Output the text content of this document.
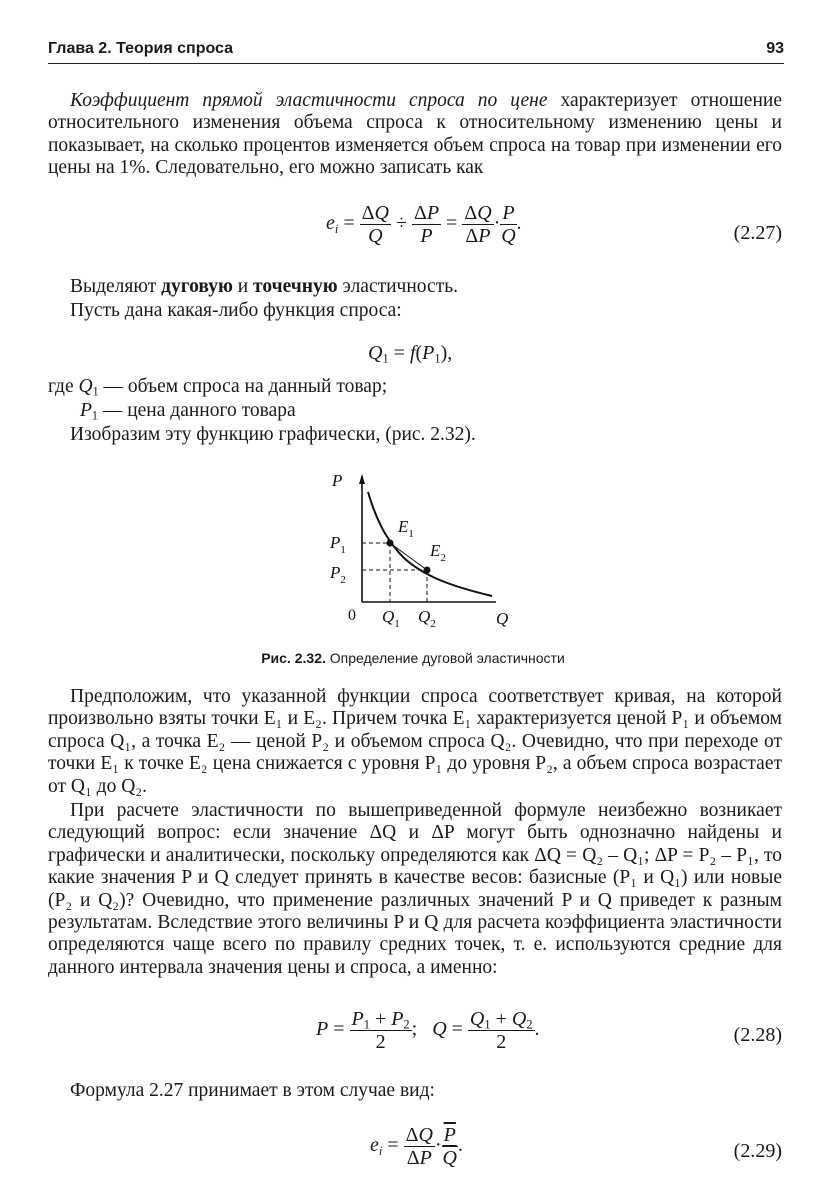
Глава 2. Теория спроса	93

Коэффициент прямой эластичности спроса по цене характеризует отношение относительного изменения объема спроса к относительному изменению цены и показывает, на сколько процентов изменяется объем спроса на товар при изменении его цены на 1%. Следовательно, его можно записать как

$e_i = \frac{\Delta Q}{Q} \div \frac{\Delta P}{P} = \frac{\Delta Q}{\Delta P} \cdot \frac{P}{Q}$ .	(2.27)
Выделяют дуговую и точечную эластичность.
Пусть дана какая-либо функция спроса:
$Q_1 = f(P_1)$,
где $Q_1$ — объем спроса на данный товар;
$P_1$ — цена данного товара
Изобразим эту функцию графически, (рис. 2.32).
P
Q
$P_1$
$P_2$
$Q_1$ $Q_2$
$E_1$
$E_2$
0
Рис. 2.32. Определение дуговой эластичности

Предположим, что указанной функции спроса соответствует кривая, на которой произвольно взяты точки E₁ и E₂. Причем точка E₁ характеризуется ценой P₁ и объемом спроса Q₁, а точка E₂ — ценой P₂ и объемом спроса Q₂. Очевидно, что при переходе от точки E₁ к точке E₂ цена снижается с уровня P₁ до уровня P₂, а объем спроса возрастает от Q₁ до Q₂.

При расчете эластичности по вышеприведенной формуле неизбежно возникает следующий вопрос: если значение ΔQ и ΔP могут быть однозначно найдены и графически и аналитически, поскольку определяются как ΔQ = Q₂ – Q₁; ΔP = P₂ – P₁, то какие значения P и Q следует принять в качестве весов: базисные (P₁ и Q₁) или новые (P₂ и Q₂)? Очевидно, что применение различных значений P и Q приведет к разным результатам. Вследствие этого величины P и Q для расчета коэффициента эластичности определяются чаще всего по правилу средних точек, т. е. используются средние для данного интервала значения цены и спроса, а именно:

$P = \frac{P_1 + P_2}{2}$ ;   $Q = \frac{Q_1 + Q_2}{2}$ .	(2.28)
Формула 2.27 принимает в этом случае вид:
$e_i = \frac{\Delta Q}{\Delta P} \cdot \frac{\overline{P}}{Q}$ .	(2.29)
